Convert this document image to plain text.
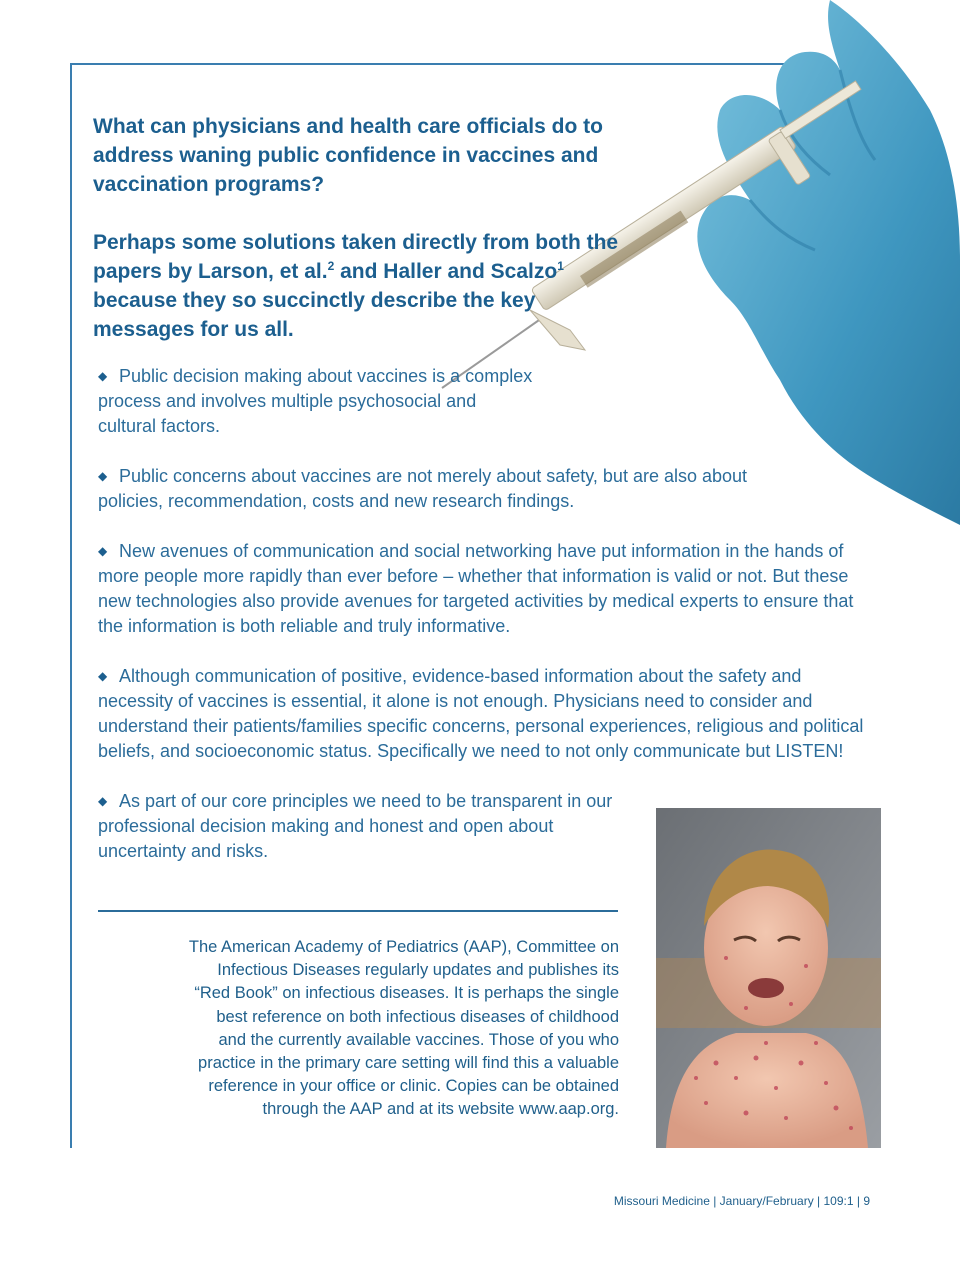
What can physicians and health care officials do to address waning public confidence in vaccines and vaccination programs?

Perhaps some solutions taken directly from both the papers by Larson, et al.$^2$ and Haller and Scalzo$^1$ because they so succinctly describe the key messages for us all.

◆ Public decision making about vaccines is a complex process and involves multiple psychosocial and cultural factors.

◆ Public concerns about vaccines are not merely about safety, but are also about policies, recommendation, costs and new research findings.

◆ New avenues of communication and social networking have put information in the hands of more people more rapidly than ever before – whether that information is valid or not. But these new technologies also provide avenues for targeted activities by medical experts to ensure that the information is both reliable and truly informative.

◆ Although communication of positive, evidence-based information about the safety and necessity of vaccines is essential, it alone is not enough. Physicians need to consider and understand their patients/families specific concerns, personal experiences, religious and political beliefs, and socioeconomic status. Specifically we need to not only communicate but LISTEN!

◆ As part of our core principles we need to be transparent in our professional decision making and honest and open about uncertainty and risks.

The American Academy of Pediatrics (AAP), Committee on Infectious Diseases regularly updates and publishes its “Red Book” on infectious diseases. It is perhaps the single best reference on both infectious diseases of childhood and the currently available vaccines. Those of you who practice in the primary care setting will find this a valuable reference in your office or clinic. Copies can be obtained through the AAP and at its website www.aap.org.

Missouri Medicine | January/February | 109:1 | 9
